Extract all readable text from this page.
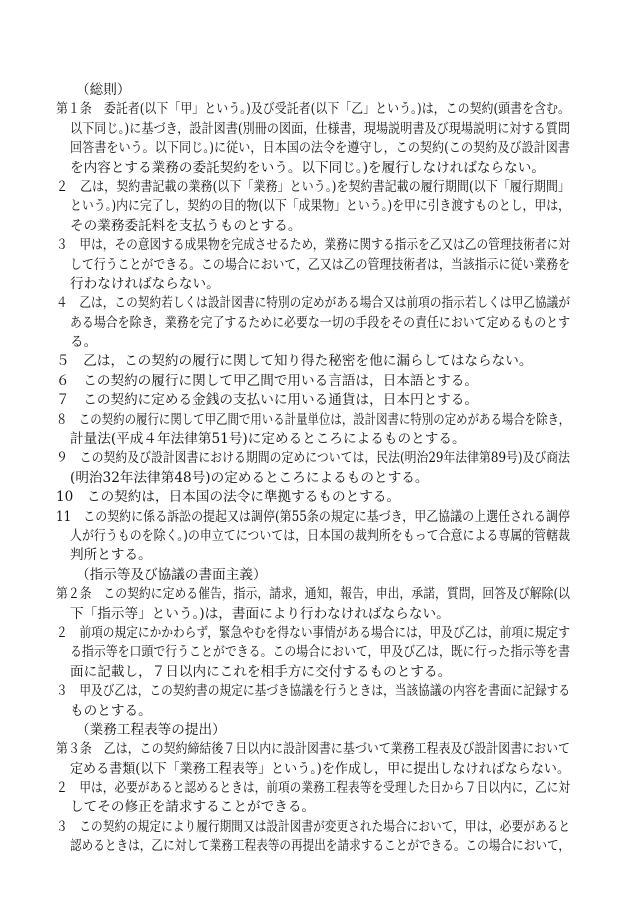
（総則）
第１条　委託者(以下「甲」という。)及び受託者(以下「乙」という。)は，この契約(頭書を含む。
以下同じ。)に基づき，設計図書(別冊の図面，仕様書，現場説明書及び現場説明に対する質問
回答書をいう。以下同じ。)に従い，日本国の法令を遵守し，この契約(この契約及び設計図書
を内容とする業務の委託契約をいう。以下同じ。)を履行しなければならない。
２　乙は，契約書記載の業務(以下「業務」という。)を契約書記載の履行期間(以下「履行期間」
という。)内に完了し，契約の目的物(以下「成果物」という。)を甲に引き渡すものとし，甲は，
その業務委託料を支払うものとする。
３　甲は，その意図する成果物を完成させるため，業務に関する指示を乙又は乙の管理技術者に対
して行うことができる。この場合において，乙又は乙の管理技術者は，当該指示に従い業務を
行わなければならない。
４　乙は，この契約若しくは設計図書に特別の定めがある場合又は前項の指示若しくは甲乙協議が
ある場合を除き，業務を完了するために必要な一切の手段をその責任において定めるものとす
る。
５　乙は，この契約の履行に関して知り得た秘密を他に漏らしてはならない。
６　この契約の履行に関して甲乙間で用いる言語は，日本語とする。
７　この契約に定める金銭の支払いに用いる通貨は，日本円とする。
８　この契約の履行に関して甲乙間で用いる計量単位は，設計図書に特別の定めがある場合を除き，
計量法(平成４年法律第51号)に定めるところによるものとする。
９　この契約及び設計図書における期間の定めについては，民法(明治29年法律第89号)及び商法
(明治32年法律第48号)の定めるところによるものとする。
10　この契約は，日本国の法令に準拠するものとする。
11　この契約に係る訴訟の提起又は調停(第55条の規定に基づき，甲乙協議の上選任される調停
人が行うものを除く。)の申立てについては，日本国の裁判所をもって合意による専属的管轄裁
判所とする。
（指示等及び協議の書面主義）
第２条　この契約に定める催告，指示，請求，通知，報告，申出，承諾，質問，回答及び解除(以
下「指示等」という。)は，書面により行わなければならない。
２　前項の規定にかかわらず，緊急やむを得ない事情がある場合には，甲及び乙は，前項に規定す
る指示等を口頭で行うことができる。この場合において，甲及び乙は，既に行った指示等を書
面に記載し，７日以内にこれを相手方に交付するものとする。
３　甲及び乙は，この契約書の規定に基づき協議を行うときは，当該協議の内容を書面に記録する
ものとする。
（業務工程表等の提出）
第３条　乙は，この契約締結後７日以内に設計図書に基づいて業務工程表及び設計図書において
定める書類(以下「業務工程表等」という。)を作成し，甲に提出しなければならない。
２　甲は，必要があると認めるときは，前項の業務工程表等を受理した日から７日以内に，乙に対
してその修正を請求することができる。
３　この契約の規定により履行期間又は設計図書が変更された場合において，甲は，必要があると
認めるときは，乙に対して業務工程表等の再提出を請求することができる。この場合において，
